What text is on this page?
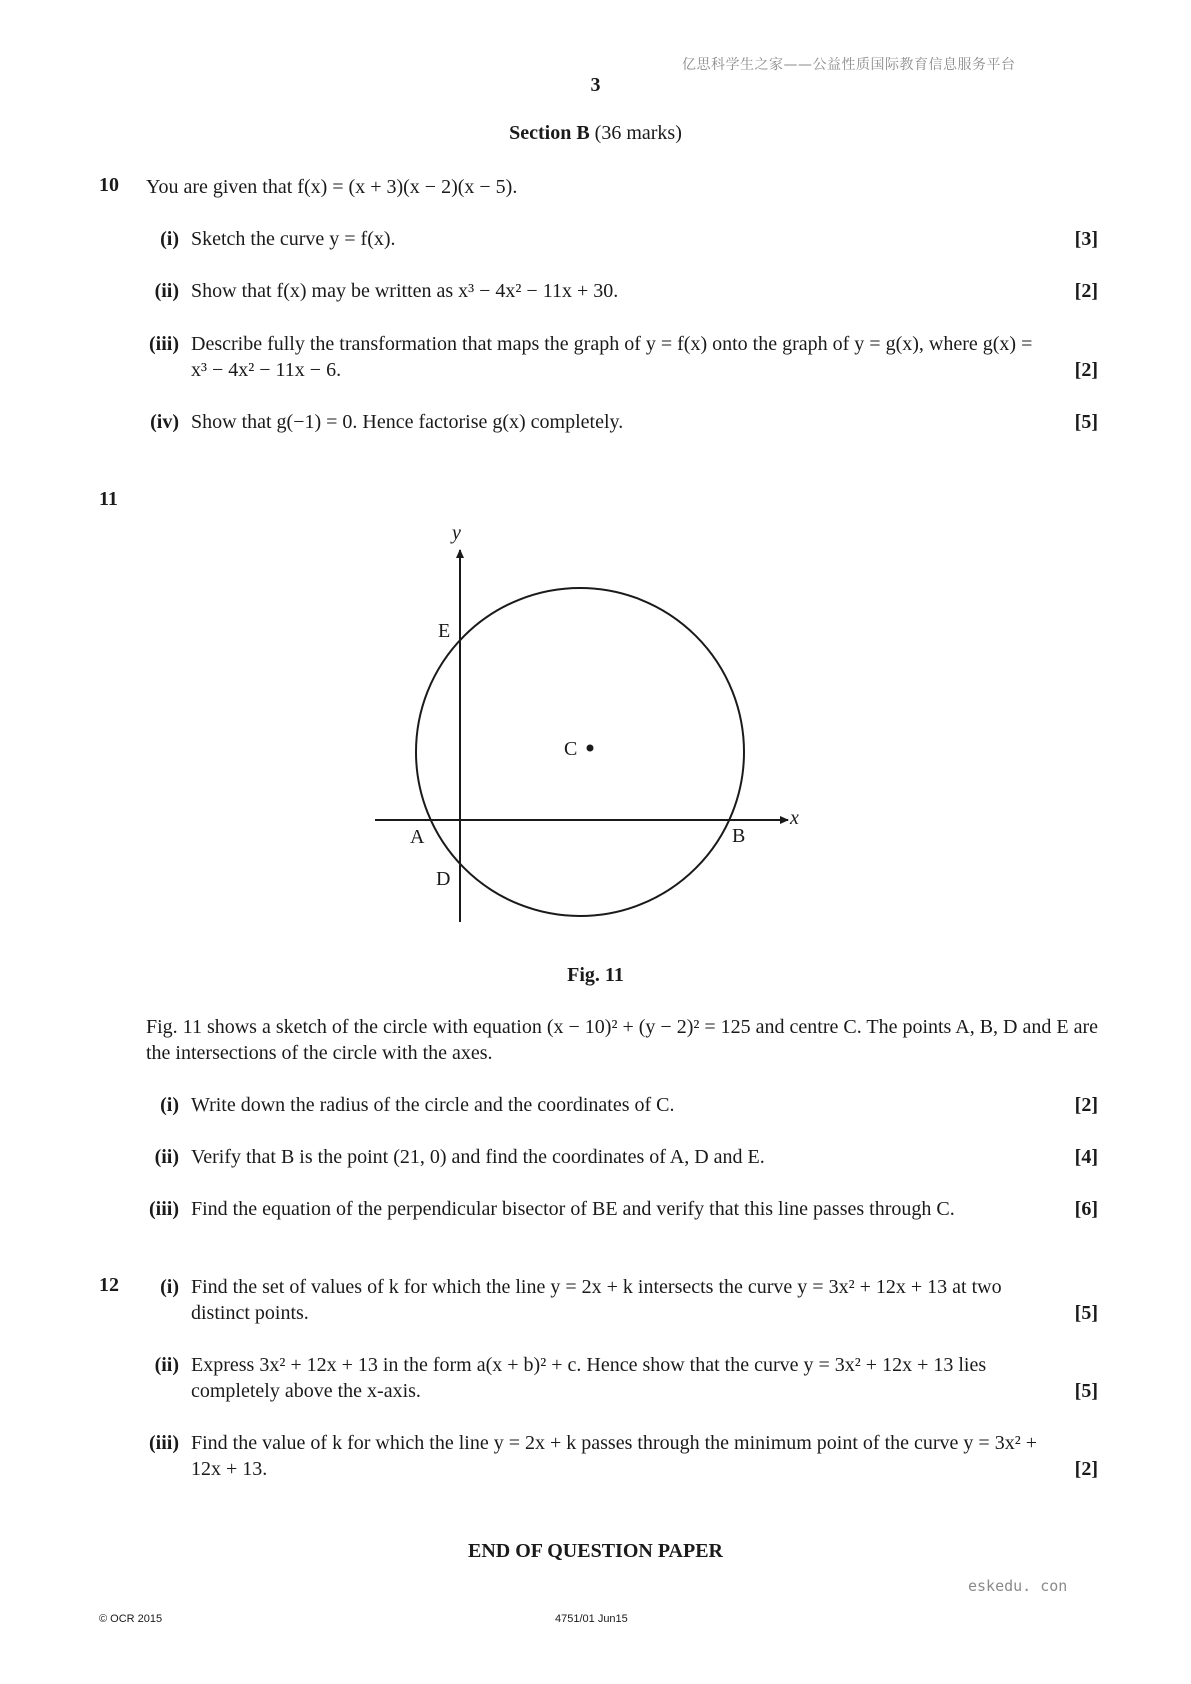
亿思科学生之家——公益性质国际教育信息服务平台
3
Section B (36 marks)
10 You are given that f(x) = (x + 3)(x − 2)(x − 5).
(i) Sketch the curve y = f(x).	[3]
(ii) Show that f(x) may be written as x³ − 4x² − 11x + 30.	[2]
(iii) Describe fully the transformation that maps the graph of y = f(x) onto the graph of y = g(x), where g(x) = x³ − 4x² − 11x − 6.	[2]
(iv) Show that g(−1) = 0. Hence factorise g(x) completely.	[5]
11
y
x
E
C
A	B
D
Fig. 11
Fig. 11 shows a sketch of the circle with equation (x − 10)² + (y − 2)² = 125 and centre C. The points A, B, D and E are the intersections of the circle with the axes.
(i) Write down the radius of the circle and the coordinates of C.	[2]
(ii) Verify that B is the point (21, 0) and find the coordinates of A, D and E.	[4]
(iii) Find the equation of the perpendicular bisector of BE and verify that this line passes through C.	[6]
12	(i) Find the set of values of k for which the line y = 2x + k intersects the curve y = 3x² + 12x + 13 at two distinct points.	[5]
(ii) Express 3x² + 12x + 13 in the form a(x + b)² + c. Hence show that the curve y = 3x² + 12x + 13 lies completely above the x-axis.	[5]
(iii) Find the value of k for which the line y = 2x + k passes through the minimum point of the curve y = 3x² + 12x + 13.	[2]
END OF QUESTION PAPER
eskedu. con
© OCR 2015	4751/01 Jun15
